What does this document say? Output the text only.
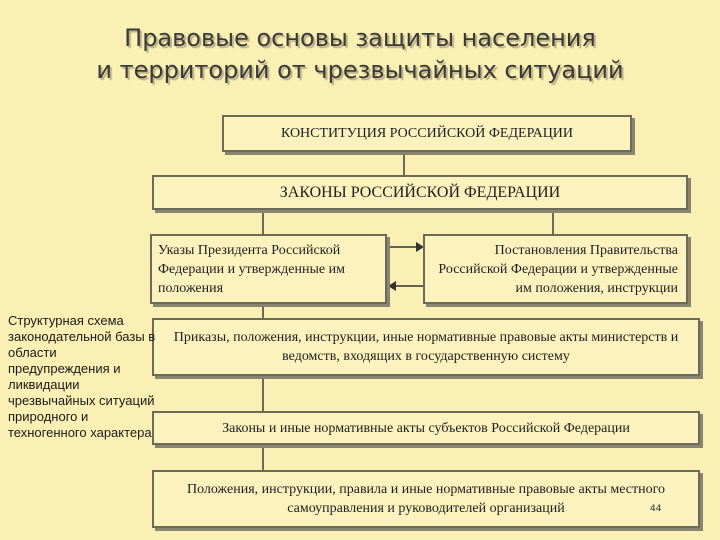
Правовые основы защиты населения
и территорий от чрезвычайных ситуаций
КОНСТИТУЦИЯ РОССИЙСКОЙ ФЕДЕРАЦИИ
ЗАКОНЫ РОССИЙСКОЙ ФЕДЕРАЦИИ
Указы Президента Российской Федерации и утвержденные им положения
Постановления Правительства Российской Федерации и утвержденные им положения, инструкции
Приказы, положения, инструкции, иные нормативные правовые акты министерств и ведомств, входящих в государственную систему
Законы и иные нормативные акты субъектов Российской Федерации
Положения, инструкции, правила и иные нормативные правовые акты местного самоуправления и руководителей организаций
Структурная схема законодательной базы в области предупреждения и ликвидации чрезвычайных ситуаций природного и техногенного характера
44
